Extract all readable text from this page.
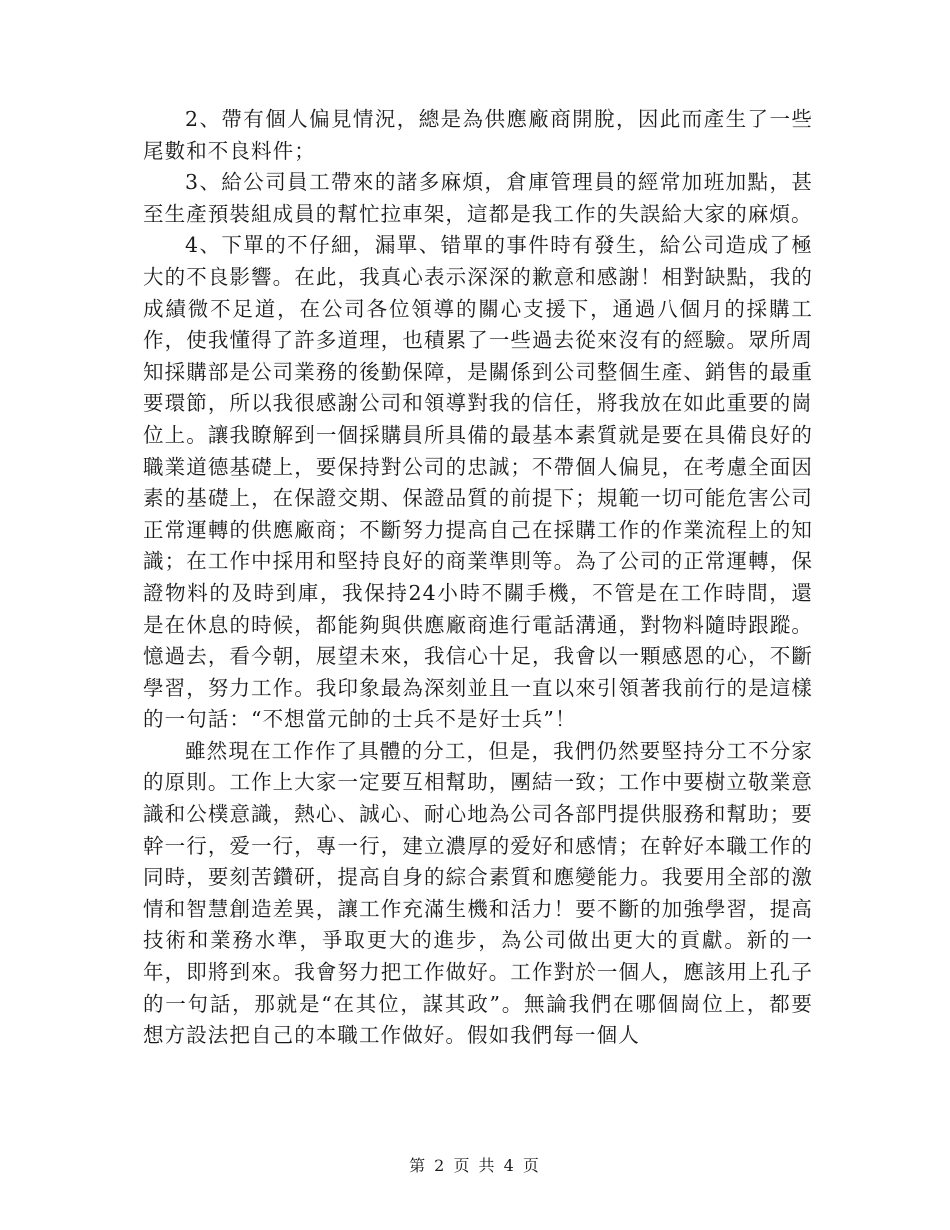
2、帶有個人偏見情況，總是為供應廠商開脫，因此而產生了一些尾數和不良料件；

3、給公司員工帶來的諸多麻煩，倉庫管理員的經常加班加點，甚至生產預裝組成員的幫忙拉車架，這都是我工作的失誤給大家的麻煩。

4、下單的不仔細，漏單、错單的事件時有發生，給公司造成了極大的不良影響。在此，我真心表示深深的歉意和感謝！相對缺點，我的成績微不足道，在公司各位領導的關心支援下，通過八個月的採購工作，使我懂得了許多道理，也積累了一些過去從來沒有的經驗。眾所周知採購部是公司業務的後勤保障，是關係到公司整個生產、銷售的最重要環節，所以我很感謝公司和領導對我的信任，將我放在如此重要的崗位上。讓我瞭解到一個採購員所具備的最基本素質就是要在具備良好的職業道德基礎上，要保持對公司的忠誠；不帶個人偏見，在考慮全面因素的基礎上，在保證交期、保證品質的前提下；規範一切可能危害公司正常運轉的供應廠商；不斷努力提高自己在採購工作的作業流程上的知識；在工作中採用和堅持良好的商業準則等。為了公司的正常運轉，保證物料的及時到庫，我保持24小時不關手機，不管是在工作時間，還是在休息的時候，都能夠與供應廠商進行電話溝通，對物料隨時跟蹤。憶過去，看今朝，展望未來，我信心十足，我會以一顆感恩的心，不斷學習，努力工作。我印象最為深刻並且一直以來引領著我前行的是這樣的一句話：“不想當元帥的士兵不是好士兵”！

雖然現在工作作了具體的分工，但是，我們仍然要堅持分工不分家的原則。工作上大家一定要互相幫助，團結一致；工作中要樹立敬業意識和公樸意識，熱心、誠心、耐心地為公司各部門提供服務和幫助；要幹一行，爱一行，專一行，建立濃厚的爱好和感情；在幹好本職工作的同時，要刻苦鑽研，提高自身的綜合素質和應變能力。我要用全部的激情和智慧創造差異，讓工作充滿生機和活力！要不斷的加強學習，提高技術和業務水準，爭取更大的進步，為公司做出更大的貢獻。新的一年，即將到來。我會努力把工作做好。工作對於一個人，應該用上孔子的一句話，那就是“在其位，謀其政”。無論我們在哪個崗位上，都要想方設法把自己的本職工作做好。假如我們每一個人

第 2 页 共 4 页
